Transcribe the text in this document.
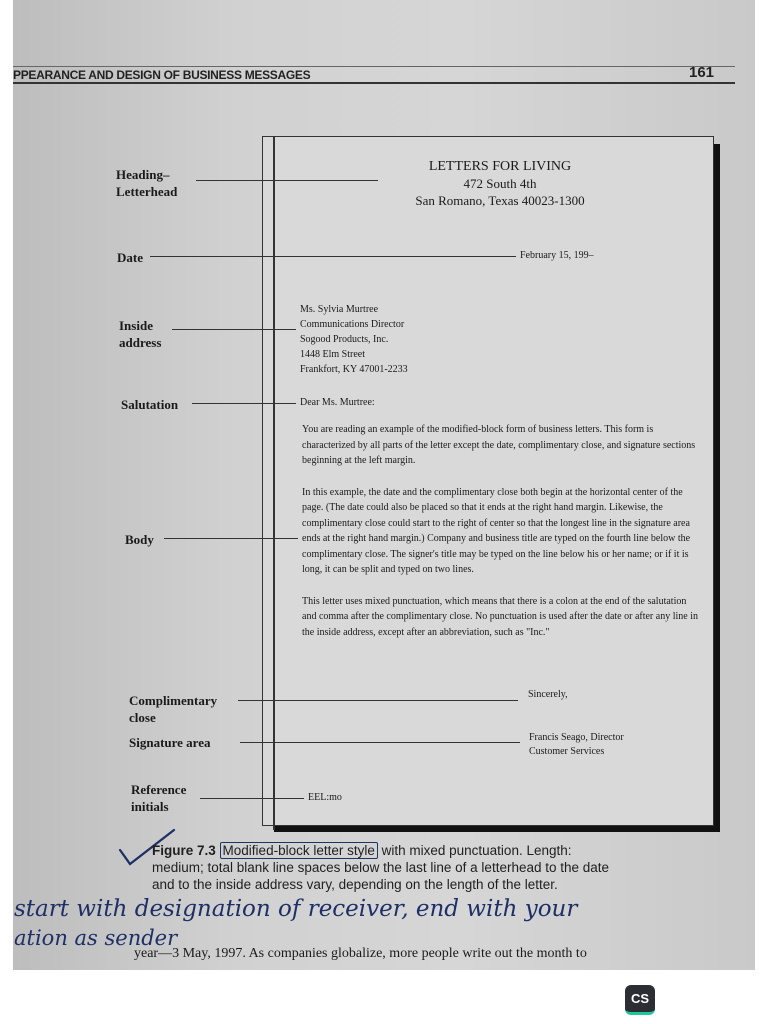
PPEARANCE AND DESIGN OF BUSINESS MESSAGES	161
Heading–
Letterhead
Date
Inside
address
Salutation
Body
Complimentary
close
Signature area
Reference
initials
LETTERS FOR LIVING
472 South 4th
San Romano, Texas 40023-1300
February 15, 199–
Ms. Sylvia Murtree
Communications Director
Sogood Products, Inc.
1448 Elm Street
Frankfort, KY 47001-2233
Dear Ms. Murtree:

You are reading an example of the modified-block form of business letters. This form is characterized by all parts of the letter except the date, complimentary close, and signature sections beginning at the left margin.

In this example, the date and the complimentary close both begin at the horizontal center of the page. (The date could also be placed so that it ends at the right hand margin. Likewise, the complimentary close could start to the right of center so that the longest line in the signature area ends at the right hand margin.) Company and business title are typed on the fourth line below the complimentary close. The signer's title may be typed on the line below his or her name; or if it is long, it can be split and typed on two lines.

This letter uses mixed punctuation, which means that there is a colon at the end of the salutation and comma after the complimentary close. No punctuation is used after the date or after any line in the inside address, except after an abbreviation, such as "Inc."

Sincerely,
Francis Seago, Director
Customer Services
EEL:mo
Figure 7.3 Modified-block letter style with mixed punctuation. Length:
medium; total blank line spaces below the last line of a letterhead to the date
and to the inside address vary, depending on the length of the letter.
start with designation of receiver, end with your
ation as sender
year—3 May, 1997. As companies globalize, more people write out the month to
CS
